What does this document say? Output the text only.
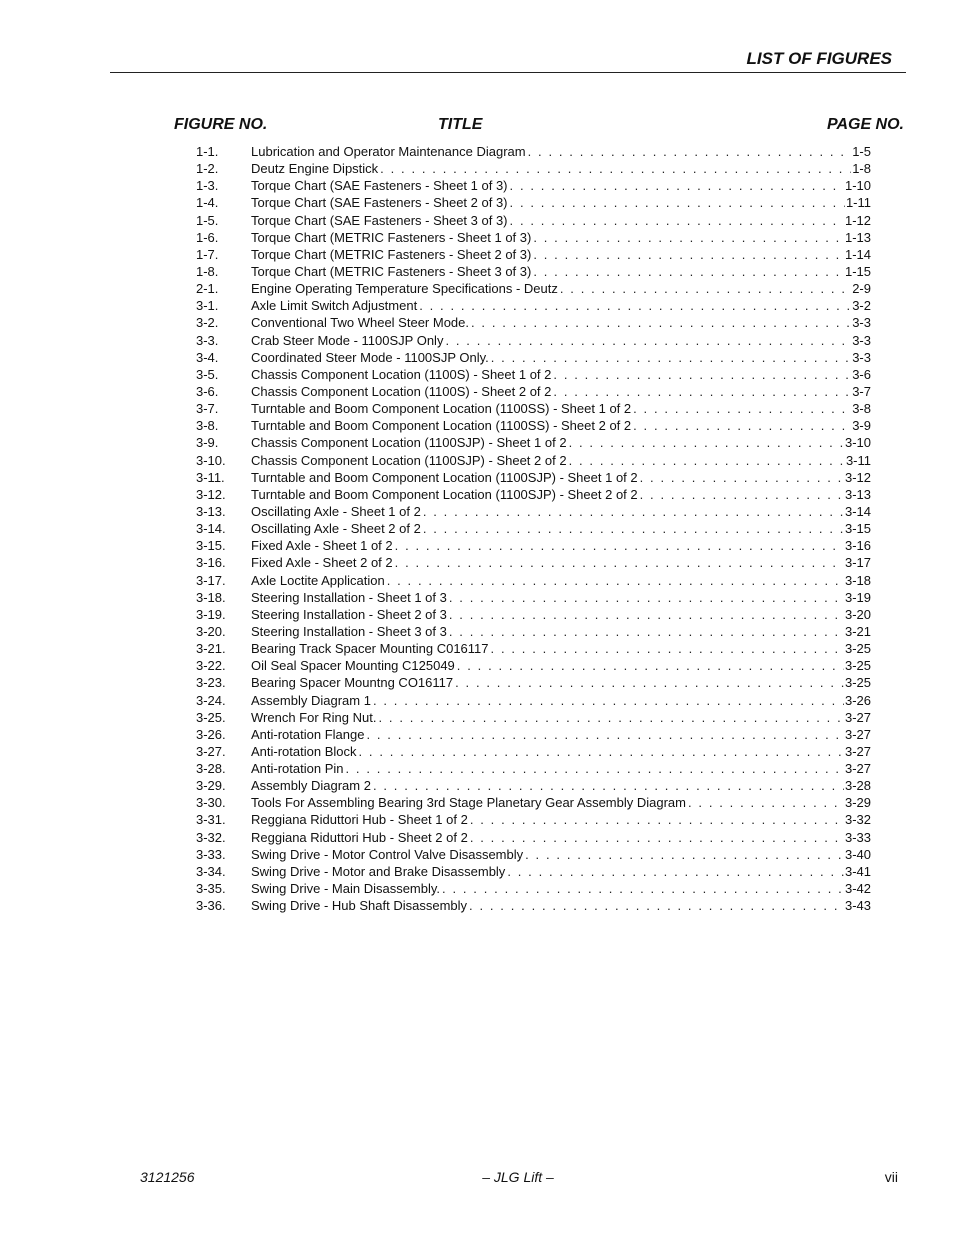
LIST OF FIGURES
FIGURE NO.	TITLE	PAGE NO.
1-1.	Lubrication and Operator Maintenance Diagram . . .	1-5
1-2.	Deutz Engine Dipstick . . .	1-8
1-3.	Torque Chart (SAE Fasteners - Sheet 1 of 3) . . .	1-10
1-4.	Torque Chart (SAE Fasteners - Sheet 2 of 3) . . .	1-11
1-5.	Torque Chart (SAE Fasteners - Sheet 3 of 3) . . .	1-12
1-6.	Torque Chart (METRIC Fasteners - Sheet 1 of 3) . . .	1-13
1-7.	Torque Chart (METRIC Fasteners - Sheet 2 of 3) . . .	1-14
1-8.	Torque Chart (METRIC Fasteners - Sheet 3 of 3) . . .	1-15
2-1.	Engine Operating Temperature Specifications - Deutz . . .	2-9
3-1.	Axle Limit Switch Adjustment . . .	3-2
3-2.	Conventional Two Wheel Steer Mode. . . .	3-3
3-3.	Crab Steer Mode - 1100SJP Only . . .	3-3
3-4.	Coordinated Steer Mode - 1100SJP Only. . . .	3-3
3-5.	Chassis Component Location (1100S) - Sheet 1 of 2 . . .	3-6
3-6.	Chassis Component Location (1100S) - Sheet 2 of 2 . . .	3-7
3-7.	Turntable and Boom Component Location (1100SS) - Sheet 1 of 2 . . .	3-8
3-8.	Turntable and Boom Component Location (1100SS) - Sheet 2 of 2 . . .	3-9
3-9.	Chassis Component Location (1100SJP) - Sheet 1 of 2 . . .	3-10
3-10.	Chassis Component Location (1100SJP) - Sheet 2 of 2 . . .	3-11
3-11.	Turntable and Boom Component Location (1100SJP) - Sheet 1 of 2 . . .	3-12
3-12.	Turntable and Boom Component Location (1100SJP) - Sheet 2 of 2 . . .	3-13
3-13.	Oscillating Axle - Sheet 1 of 2 . . .	3-14
3-14.	Oscillating Axle - Sheet 2 of 2 . . .	3-15
3-15.	Fixed Axle - Sheet 1 of 2 . . .	3-16
3-16.	Fixed Axle - Sheet 2 of 2 . . .	3-17
3-17.	Axle Loctite Application . . .	3-18
3-18.	Steering Installation - Sheet 1 of 3 . . .	3-19
3-19.	Steering Installation - Sheet 2 of 3 . . .	3-20
3-20.	Steering Installation - Sheet 3 of 3 . . .	3-21
3-21.	Bearing Track Spacer Mounting C016117 . . .	3-25
3-22.	Oil Seal Spacer Mounting C125049 . . .	3-25
3-23.	Bearing Spacer Mountng CO16117 . . .	3-25
3-24.	Assembly Diagram 1 . . .	3-26
3-25.	Wrench For Ring Nut. . . .	3-27
3-26.	Anti-rotation Flange . . .	3-27
3-27.	Anti-rotation Block . . .	3-27
3-28.	Anti-rotation Pin . . .	3-27
3-29.	Assembly Diagram 2 . . .	3-28
3-30.	Tools For Assembling Bearing 3rd Stage Planetary Gear Assembly Diagram . . .	3-29
3-31.	Reggiana Riduttori Hub - Sheet 1 of 2 . . .	3-32
3-32.	Reggiana Riduttori Hub - Sheet 2 of 2 . . .	3-33
3-33.	Swing Drive - Motor Control Valve Disassembly . . .	3-40
3-34.	Swing Drive - Motor and Brake Disassembly . . .	3-41
3-35.	Swing Drive - Main Disassembly. . . .	3-42
3-36.	Swing Drive - Hub Shaft Disassembly . . .	3-43
3121256	– JLG Lift –	vii
